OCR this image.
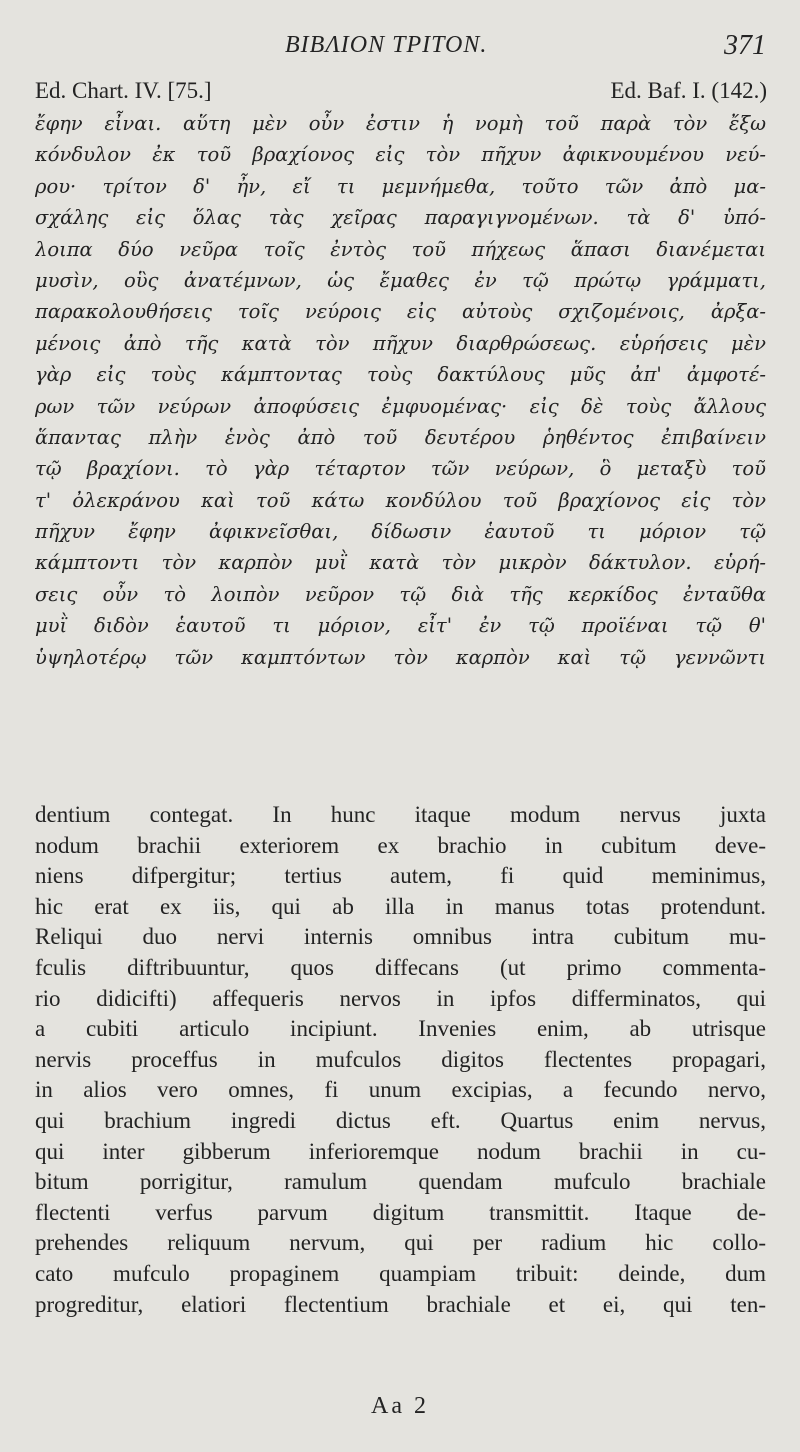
ΒΙΒΛΙΟΝ ΤΡΙΤΟΝ.	371
Ed. Chart. IV. [75.]	Ed. Baf. I. (142.)
ἔφην εἶναι. αὕτη μὲν οὖν ἐστιν ἡ νομὴ τοῦ παρὰ τὸν ἔξω
κόνδυλον ἐκ τοῦ βραχίονος εἰς τὸν πῆχυν ἀφικνουμένου νεύ-
ρου· τρίτον δ' ἦν, εἴ τι μεμνήμεθα, τοῦτο τῶν ἀπὸ μα-
σχάλης εἰς ὅλας τὰς χεῖρας παραγιγνομένων. τὰ δ' ὑπό-
λοιπα δύο νεῦρα τοῖς ἐντὸς τοῦ πήχεως ἅπασι διανέμεται
μυσὶν, οὓς ἀνατέμνων, ὡς ἔμαθες ἐν τῷ πρώτῳ γράμματι,
παρακολουθήσεις τοῖς νεύροις εἰς αὐτοὺς σχιζομένοις, ἀρξα-
μένοις ἀπὸ τῆς κατὰ τὸν πῆχυν διαρθρώσεως. εὑρήσεις μὲν
γὰρ εἰς τοὺς κάμπτοντας τοὺς δακτύλους μῦς ἀπ' ἀμφοτέ-
ρων τῶν νεύρων ἀποφύσεις ἐμφυομένας· εἰς δὲ τοὺς ἄλλους
ἅπαντας πλὴν ἑνὸς ἀπὸ τοῦ δευτέρου ῥηθέντος ἐπιβαίνειν
τῷ βραχίονι. τὸ γὰρ τέταρτον τῶν νεύρων, ὃ μεταξὺ τοῦ
τ' ὀλεκράνου καὶ τοῦ κάτω κονδύλου τοῦ βραχίονος εἰς τὸν
πῆχυν ἔφην ἀφικνεῖσθαι, δίδωσιν ἑαυτοῦ τι μόριον τῷ
κάμπτοντι τὸν καρπὸν μυῒ κατὰ τὸν μικρὸν δάκτυλον. εὑρή-
σεις οὖν τὸ λοιπὸν νεῦρον τῷ διὰ τῆς κερκίδος ἐνταῦθα
μυῒ διδὸν ἑαυτοῦ τι μόριον, εἶτ' ἐν τῷ προϊέναι τῷ θ'
ὑψηλοτέρῳ τῶν καμπτόντων τὸν καρπὸν καὶ τῷ γεννῶντι
dentium contegat. In hunc itaque modum nervus juxta
nodum brachii exteriorem ex brachio in cubitum deve-
niens difpergitur; tertius autem, fi quid meminimus,
hic erat ex iis, qui ab illa in manus totas protendunt.
Reliqui duo nervi internis omnibus intra cubitum mu-
fculis diftribuuntur, quos diffecans (ut primo commenta-
rio didicifti) affequeris nervos in ipfos differminatos, qui
a cubiti articulo incipiunt. Invenies enim, ab utrisque
nervis proceffus in mufculos digitos flectentes propagari,
in alios vero omnes, fi unum excipias, a fecundo nervo,
qui brachium ingredi dictus eft. Quartus enim nervus,
qui inter gibberum inferioremque nodum brachii in cu-
bitum porrigitur, ramulum quendam mufculo brachiale
flectenti verfus parvum digitum transmittit. Itaque de-
prehendes reliquum nervum, qui per radium hic collo-
cato mufculo propaginem quampiam tribuit: deinde, dum
progreditur, elatiori flectentium brachiale et ei, qui ten-
Aa 2
